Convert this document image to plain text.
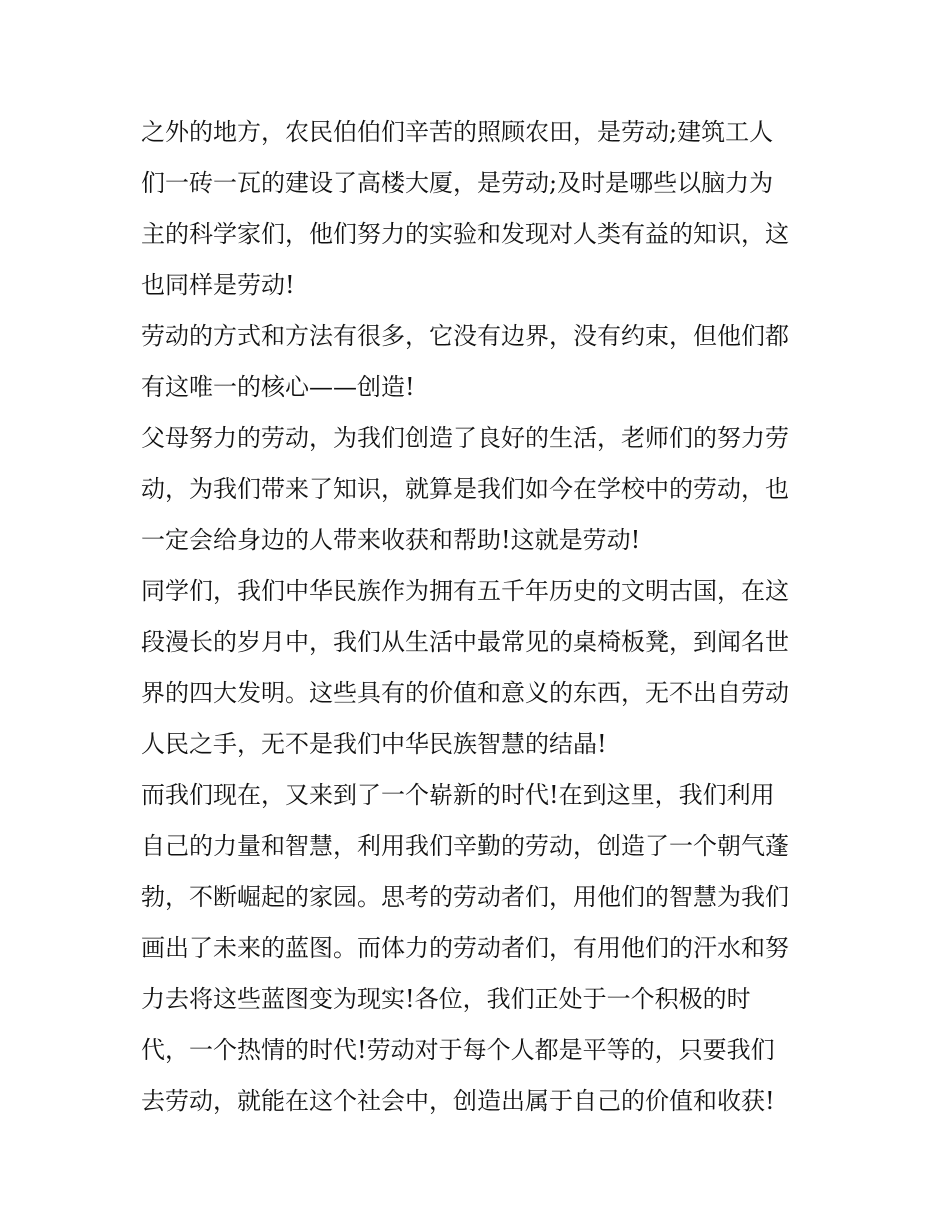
之外的地方，农民伯伯们辛苦的照顾农田，是劳动;建筑工人
们一砖一瓦的建设了高楼大厦，是劳动;及时是哪些以脑力为
主的科学家们，他们努力的实验和发现对人类有益的知识，这
也同样是劳动!
劳动的方式和方法有很多，它没有边界，没有约束，但他们都
有这唯一的核心——创造!
父母努力的劳动，为我们创造了良好的生活，老师们的努力劳
动，为我们带来了知识，就算是我们如今在学校中的劳动，也
一定会给身边的人带来收获和帮助!这就是劳动!
同学们，我们中华民族作为拥有五千年历史的文明古国，在这
段漫长的岁月中，我们从生活中最常见的桌椅板凳，到闻名世
界的四大发明。这些具有的价值和意义的东西，无不出自劳动
人民之手，无不是我们中华民族智慧的结晶!
而我们现在，又来到了一个崭新的时代!在到这里，我们利用
自己的力量和智慧，利用我们辛勤的劳动，创造了一个朝气蓬
勃，不断崛起的家园。思考的劳动者们，用他们的智慧为我们
画出了未来的蓝图。而体力的劳动者们，有用他们的汗水和努
力去将这些蓝图变为现实!各位，我们正处于一个积极的时
代，一个热情的时代!劳动对于每个人都是平等的，只要我们
去劳动，就能在这个社会中，创造出属于自己的价值和收获!
